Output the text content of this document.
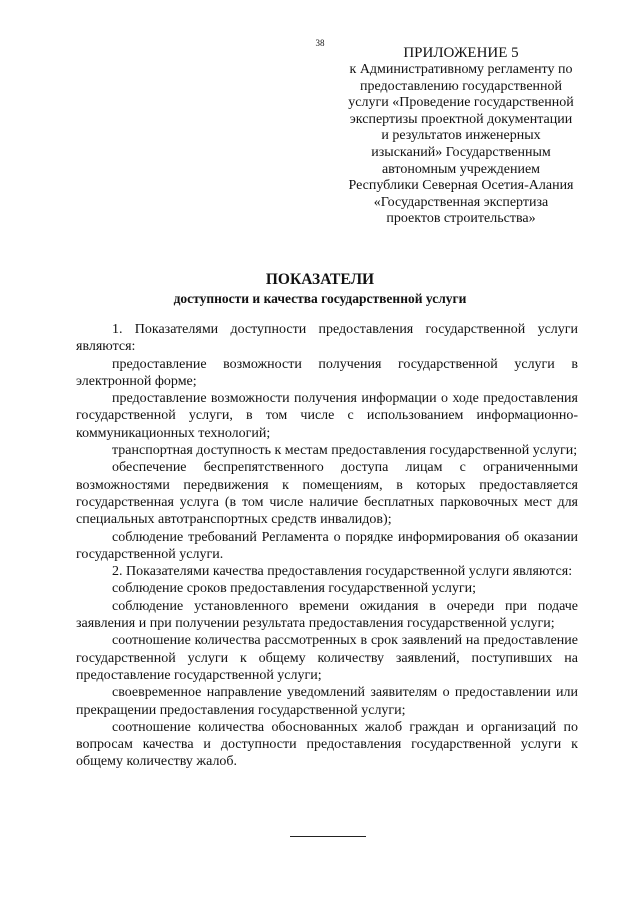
38
ПРИЛОЖЕНИЕ 5
к Административному регламенту по
предоставлению государственной
услуги «Проведение государственной
экспертизы проектной документации
и результатов инженерных
изысканий» Государственным
автономным учреждением
Республики Северная Осетия-Алания
«Государственная экспертиза
проектов строительства»
ПОКАЗАТЕЛИ
доступности и качества государственной услуги

1. Показателями доступности предоставления государственной услуги являются:

предоставление возможности получения государственной услуги в электронной форме;

предоставление возможности получения информации о ходе предоставления государственной услуги, в том числе с использованием информационно-коммуникационных технологий;

транспортная доступность к местам предоставления государственной услуги;

обеспечение беспрепятственного доступа лицам с ограниченными возможностями передвижения к помещениям, в которых предоставляется государственная услуга (в том числе наличие бесплатных парковочных мест для специальных автотранспортных средств инвалидов);

соблюдение требований Регламента о порядке информирования об оказании государственной услуги.

2. Показателями качества предоставления государственной услуги являются:

соблюдение сроков предоставления государственной услуги;

соблюдение установленного времени ожидания в очереди при подаче заявления и при получении результата предоставления государственной услуги;

соотношение количества рассмотренных в срок заявлений на предоставление государственной услуги к общему количеству заявлений, поступивших на предоставление государственной услуги;

своевременное направление уведомлений заявителям о предоставлении или прекращении предоставления государственной услуги;

соотношение количества обоснованных жалоб граждан и организаций по вопросам качества и доступности предоставления государственной услуги к общему количеству жалоб.
